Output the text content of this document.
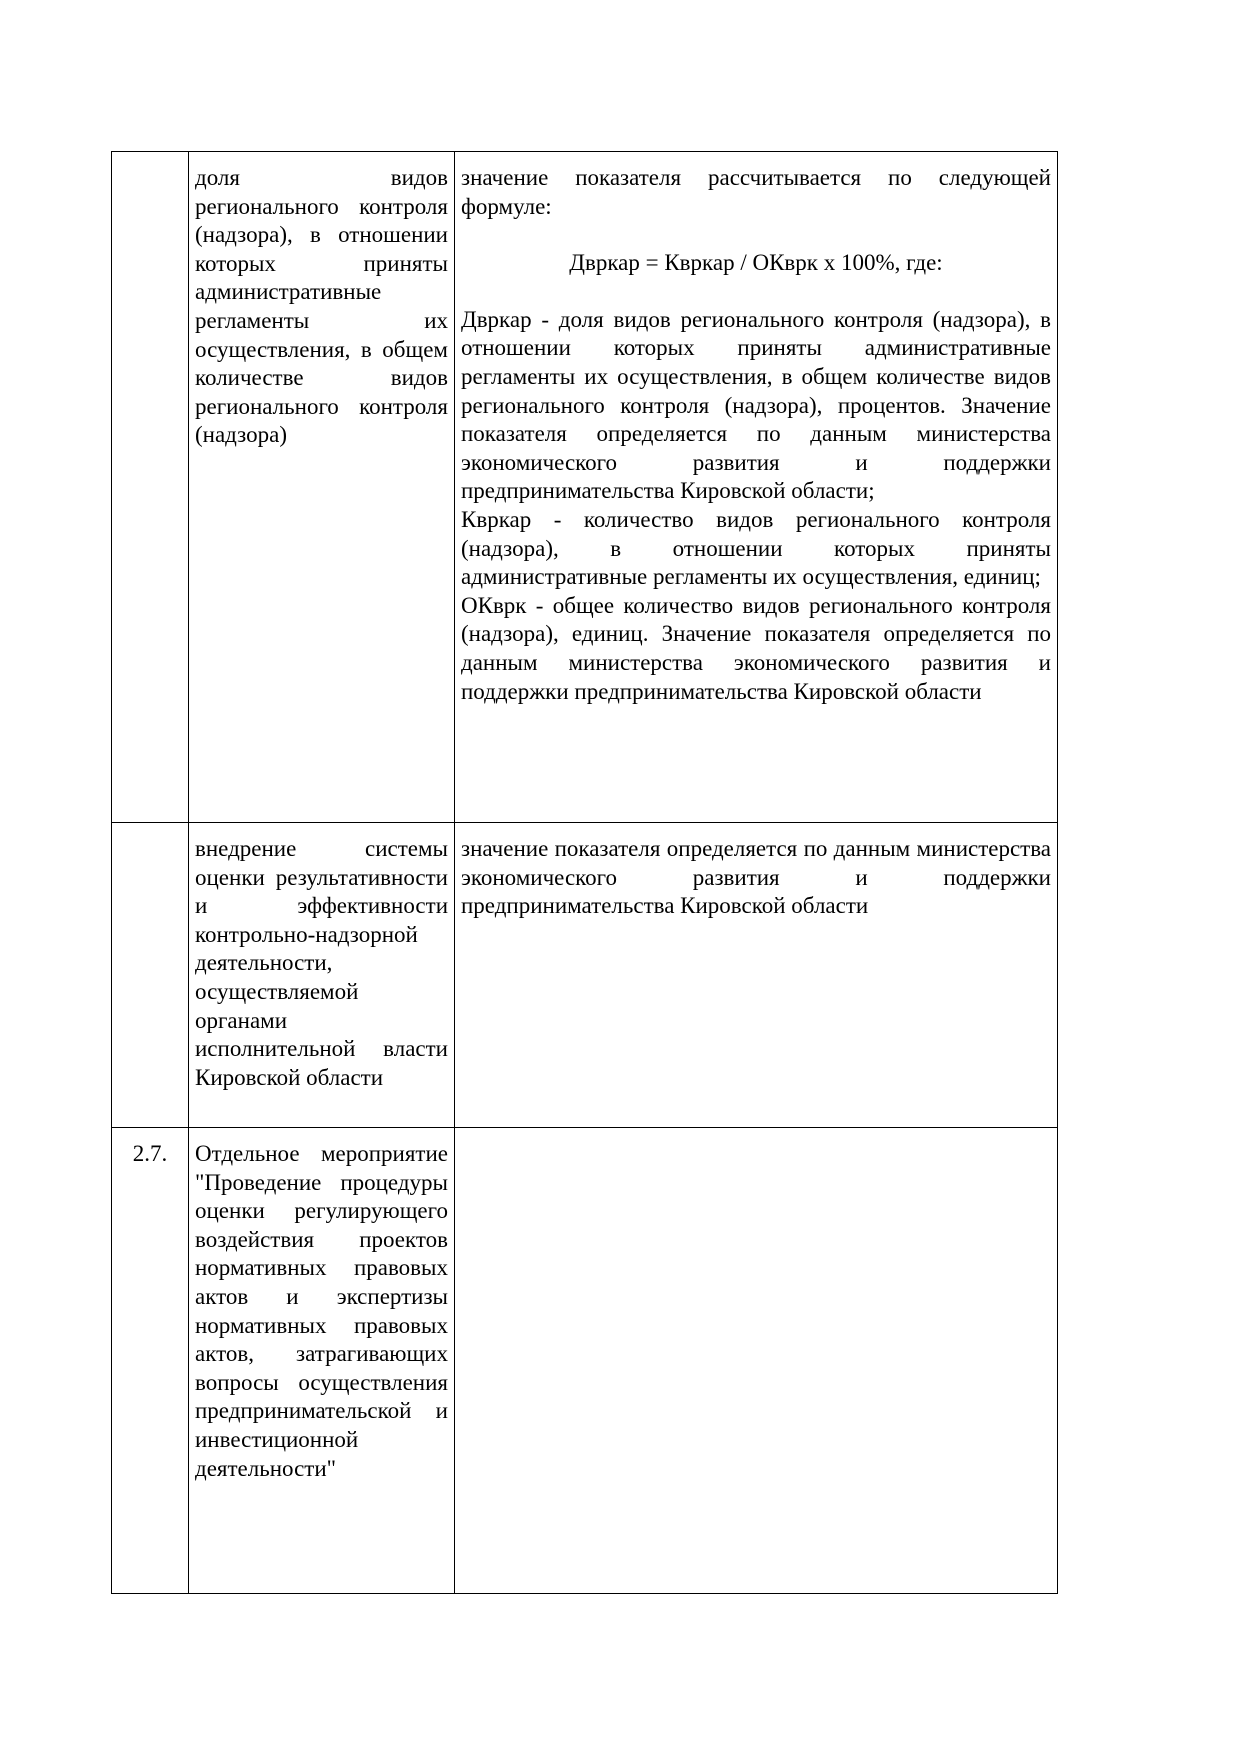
	доля видов регионального контроля (надзора), в отношении которых приняты административные регламенты их осуществления, в общем количестве видов регионального контроля (надзора)	значение показателя рассчитывается по следующей формуле:
Дврка​р = Кврка​р / ОКврк x 100%, где:
Дврка​р - доля видов регионального контроля (надзора), в отношении которых приняты административные регламенты их осуществления, в общем количестве видов регионального контроля (надзора), процентов. Значение показателя определяется по данным министерства экономического развития и поддержки предпринимательства Кировской области;
Кврка​р - количество видов регионального контроля (надзора), в отношении которых приняты административные регламенты их осуществления, единиц;
ОКврк - общее количество видов регионального контроля (надзора), единиц. Значение показателя определяется по данным министерства экономического развития и поддержки предпринимательства Кировской области

	внедрение системы оценки результативности и эффективности контрольно-надзорной деятельности, осуществляемой органами исполнительной власти Кировской области	значение показателя определяется по данным министерства экономического развития и поддержки предпринимательства Кировской области
2.7.	Отдельное мероприятие "Проведение процедуры оценки регулирующего воздействия проектов нормативных правовых актов и экспертизы нормативных правовых актов, затрагивающих вопросы осуществления предпринимательской и инвестиционной деятельности"	
